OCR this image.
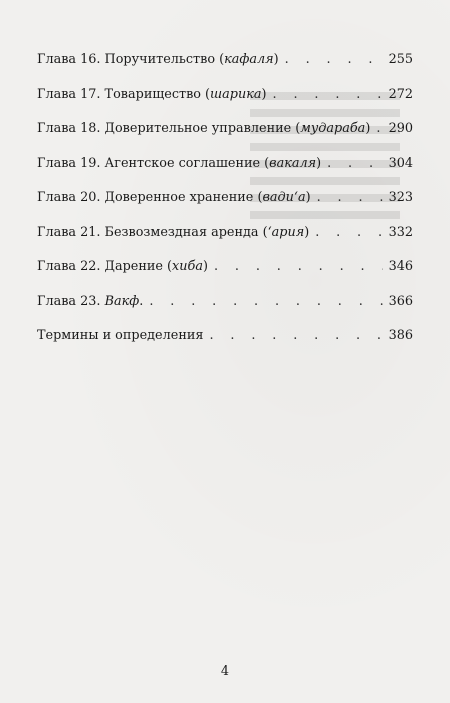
Глава 16. Поручительство (кафаля) . . .	255
Глава 17. Товарищество (шарика) . . .	272
Глава 18. Доверительное управление (мудараба) . . . 290
Глава 19. Агентское соглашение (вакаля) . . .	304
Глава 20. Доверенное хранение (вади‘а) . . .	323
Глава 21. Безвозмездная аренда (‘ария) . . .	332
Глава 22. Дарение (хиба) . . .	346
Глава 23. Вакф. . . .	366
Термины и определения . . .	386
4
